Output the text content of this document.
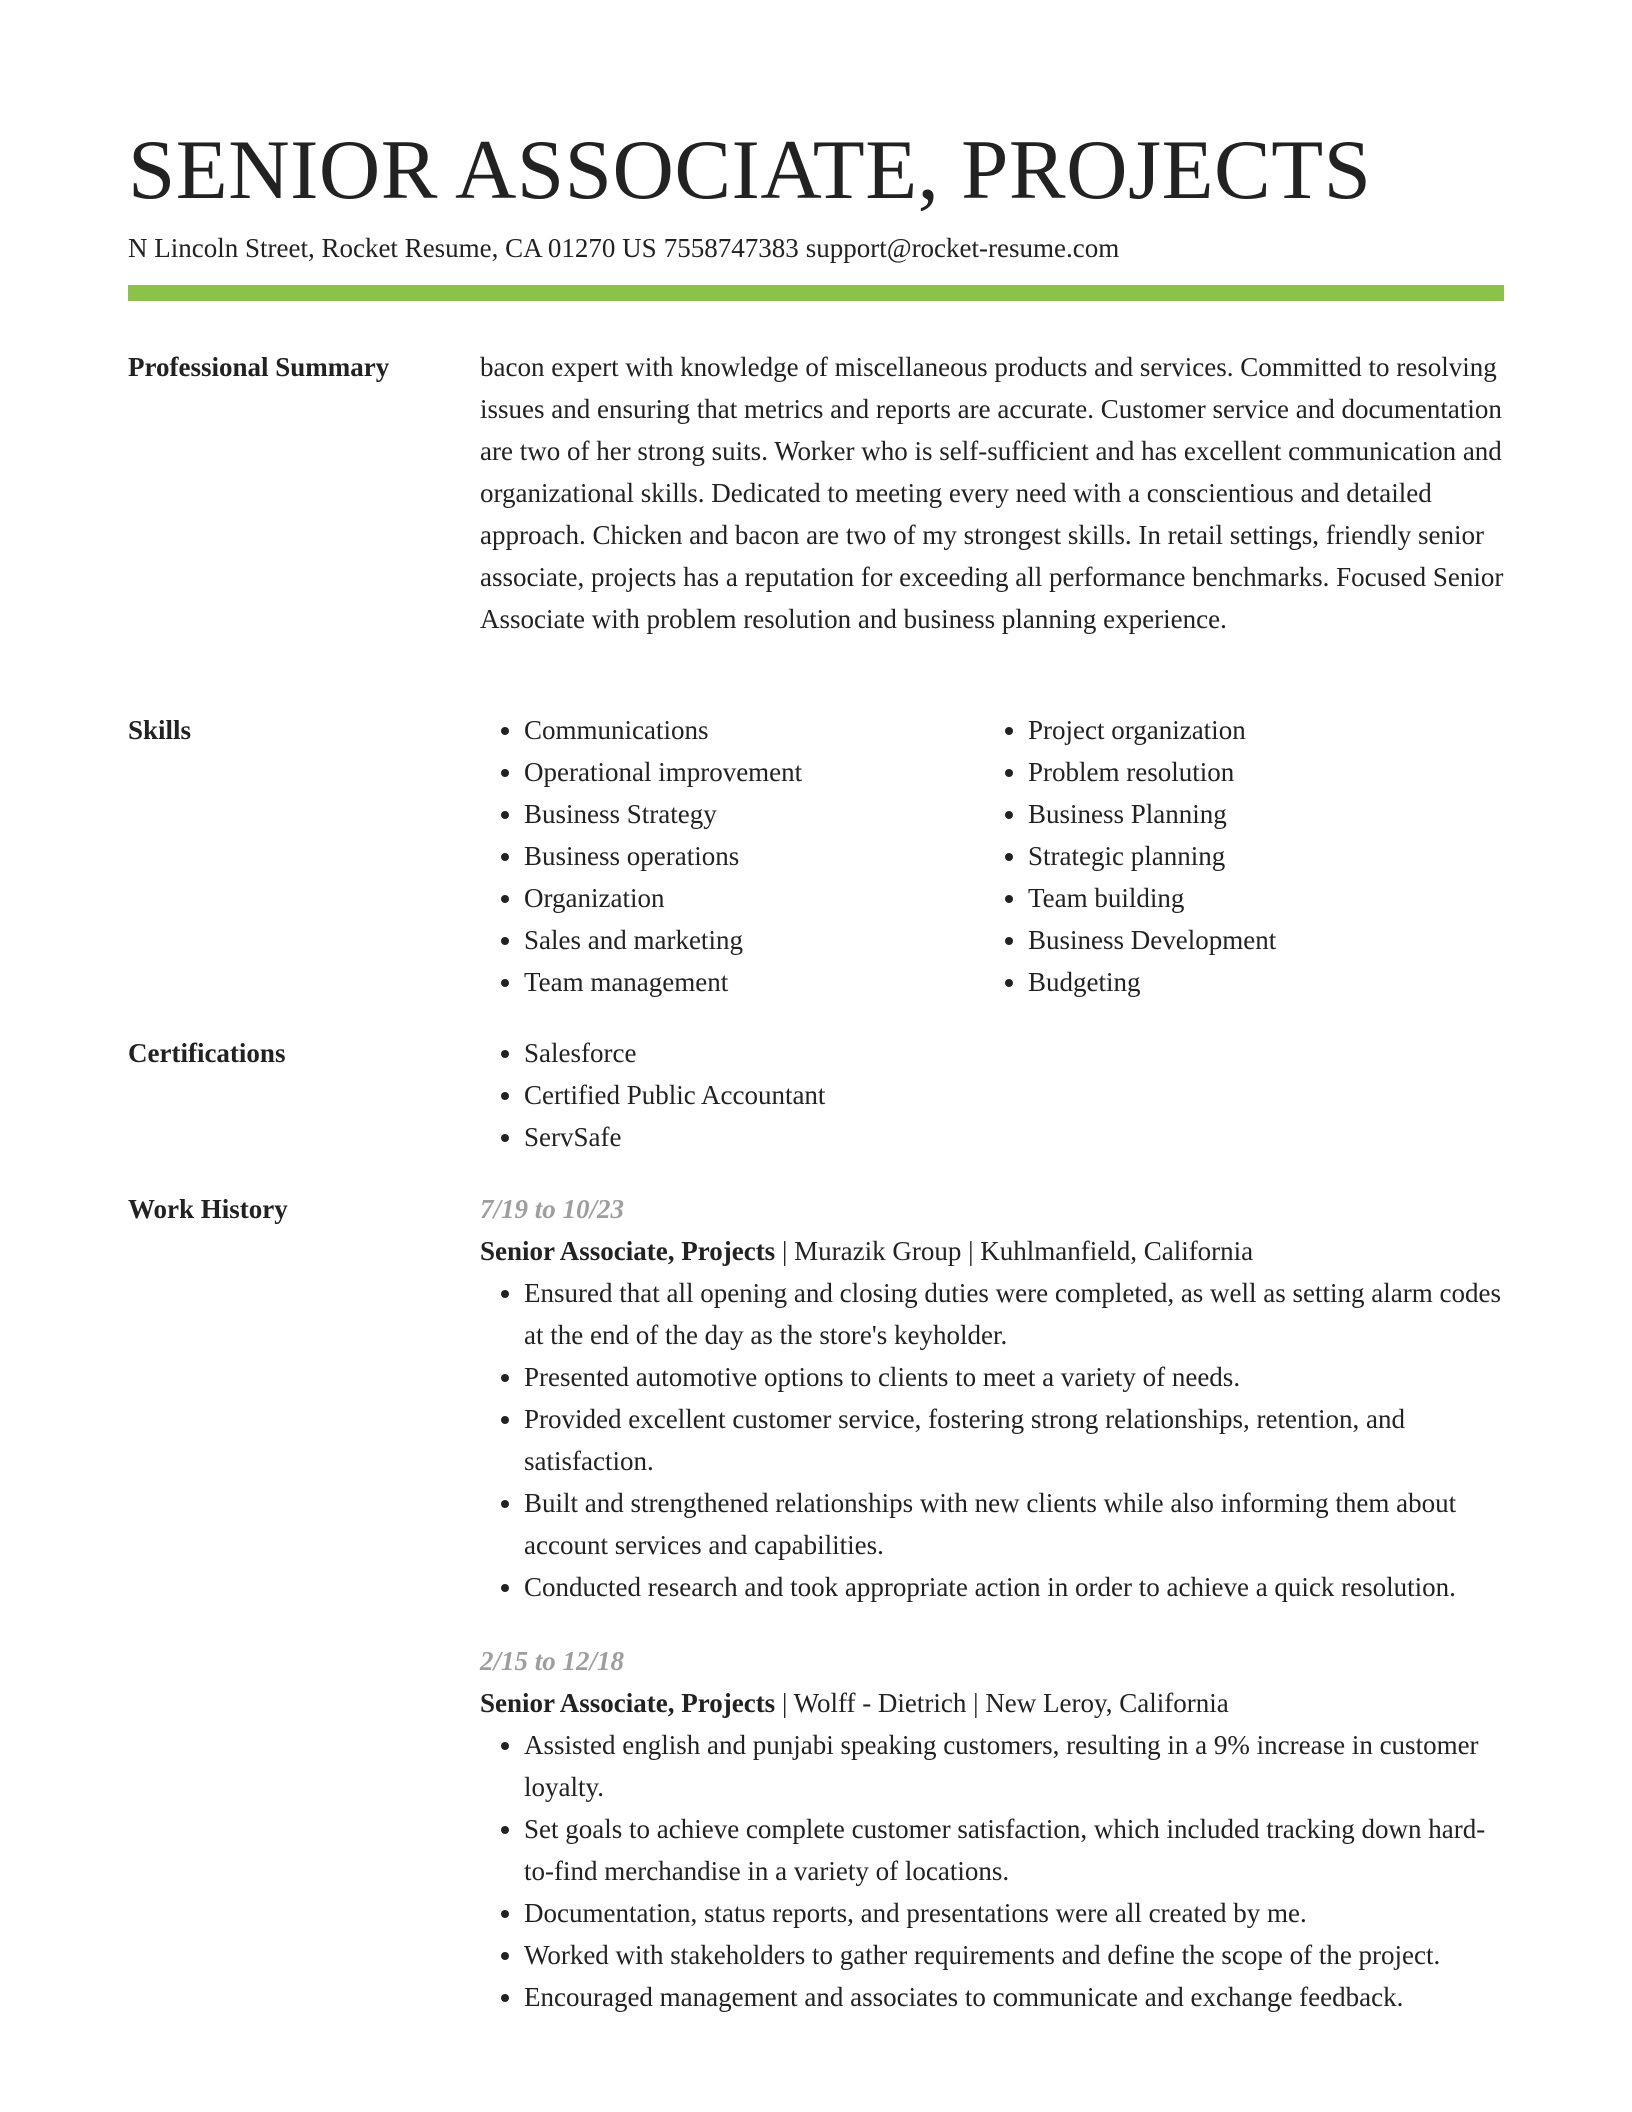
SENIOR ASSOCIATE, PROJECTS
N Lincoln Street, Rocket Resume, CA 01270 US 7558747383 support@rocket-resume.com
Professional Summary	bacon expert with knowledge of miscellaneous products and services. Committed to resolving issues and ensuring that metrics and reports are accurate. Customer service and documentation are two of her strong suits. Worker who is self-sufficient and has excellent communication and organizational skills. Dedicated to meeting every need with a conscientious and detailed approach. Chicken and bacon are two of my strongest skills. In retail settings, friendly senior associate, projects has a reputation for exceeding all performance benchmarks. Focused Senior Associate with problem resolution and business planning experience.

Skills	• Communications
• Operational improvement
• Business Strategy
• Business operations
• Organization
• Sales and marketing
• Team management
• Project organization
• Problem resolution
• Business Planning
• Strategic planning
• Team building
• Business Development
• Budgeting
Certifications	• Salesforce
• Certified Public Accountant
• ServSafe
Work History	7/19 to 10/23
Senior Associate, Projects | Murazik Group | Kuhlmanfield, California
• Ensured that all opening and closing duties were completed, as well as setting alarm codes at the end of the day as the store's keyholder.
• Presented automotive options to clients to meet a variety of needs.
• Provided excellent customer service, fostering strong relationships, retention, and satisfaction.
• Built and strengthened relationships with new clients while also informing them about account services and capabilities.
• Conducted research and took appropriate action in order to achieve a quick resolution.
2/15 to 12/18
Senior Associate, Projects | Wolff - Dietrich | New Leroy, California
• Assisted english and punjabi speaking customers, resulting in a 9% increase in customer loyalty.
• Set goals to achieve complete customer satisfaction, which included tracking down hard-to-find merchandise in a variety of locations.
• Documentation, status reports, and presentations were all created by me.
• Worked with stakeholders to gather requirements and define the scope of the project.
• Encouraged management and associates to communicate and exchange feedback.
